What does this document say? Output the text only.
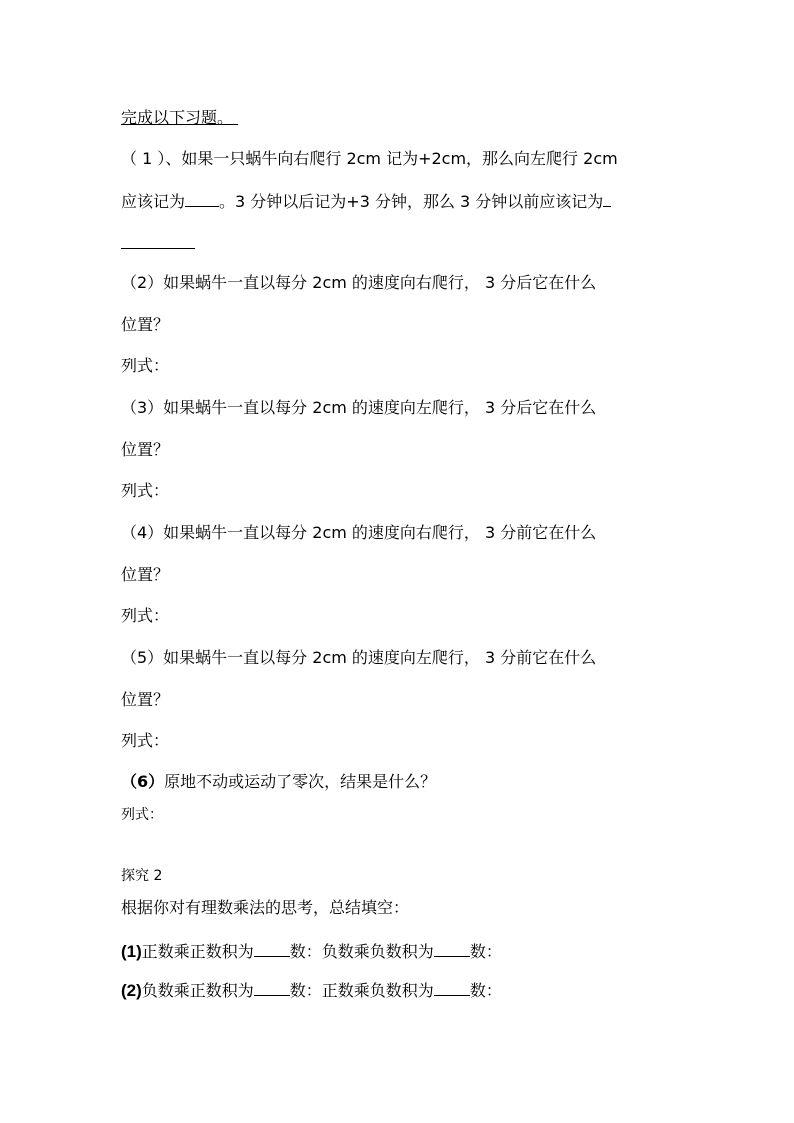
完成以下习题。
（ 1 ）、如果一只蜗牛向右爬行 2cm 记为+2cm，那么向左爬行 2cm
应该记为 。3 分钟以后记为+3 分钟，那么 3 分钟以前应该记为
（2）如果蜗牛一直以每分 2cm 的速度向右爬行， 3 分后它在什么
位置？
列式：
（3）如果蜗牛一直以每分 2cm 的速度向左爬行， 3 分后它在什么
位置？
列式：
（4）如果蜗牛一直以每分 2cm 的速度向右爬行， 3 分前它在什么
位置？
列式：
（5）如果蜗牛一直以每分 2cm 的速度向左爬行， 3 分前它在什么
位置？
列式：
（6）原地不动或运动了零次，结果是什么？
列式：
探究 2
根据你对有理数乘法的思考，总结填空：
(1)正数乘正数积为 数：负数乘负数积为 数：
(2)负数乘正数积为 数：正数乘负数积为 数：
